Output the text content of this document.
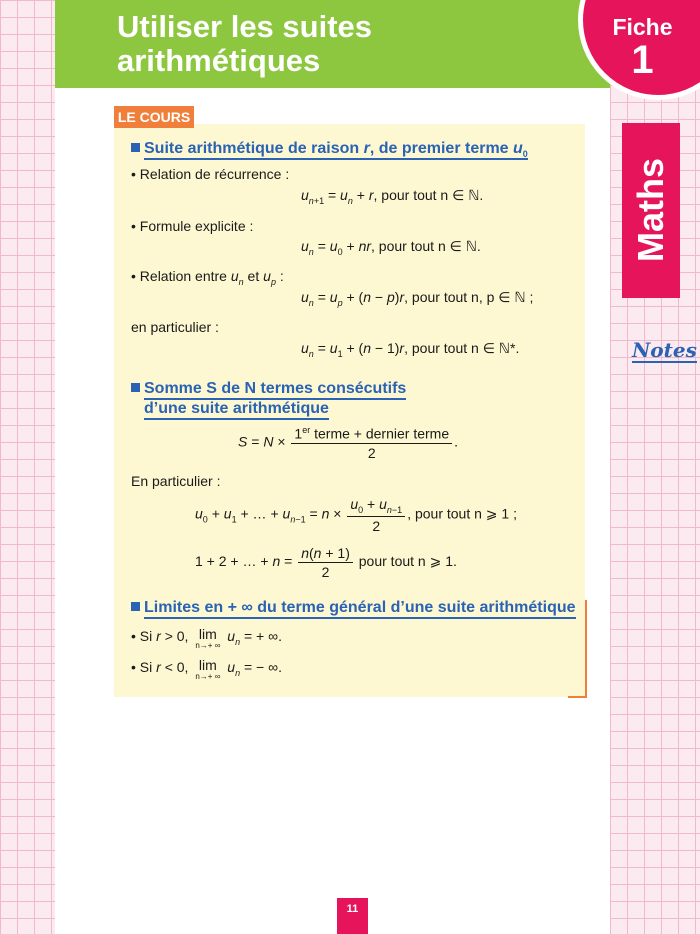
Utiliser les suites
arithmétiques
Fiche
1
Maths
Notes
LE COURS
Suite arithmétique de raison r, de premier terme $u_0$
• Relation de récurrence :
$u_{n+1} = u_n + r$, pour tout n ∈ ℕ.
• Formule explicite :
$u_n = u_0$ + nr, pour tout n ∈ ℕ.
• Relation entre $u_n$ et $u_p$ :
$u_n = u_p + (n - p)r$, pour tout n, p ∈ ℕ ;
en particulier :
$u_n = u_1 + (n - 1)r$, pour tout n ∈ ℕ*.
Somme S de N termes consécutifs
d’une suite arithmétique
$S = N \times \frac{1^{er} terme + dernier terme}{2}$ .
En particulier :
$u_0 + u_1$ + … + $u_{n-1} = n \times \frac{u_0 + u_{n-1}}{2}$ , pour tout n ⩾ 1 ;
1 + 2 + … + $n = \frac{n(n + 1)}{2}$ pour tout n ⩾ 1.
Limites en + ∞ du terme général d’une suite arithmétique
• Si r > 0, lim
n→+ ∞
$u_n$ = + ∞.
• Si r < 0, lim
n→+ ∞
$u_n$ = − ∞.
11
